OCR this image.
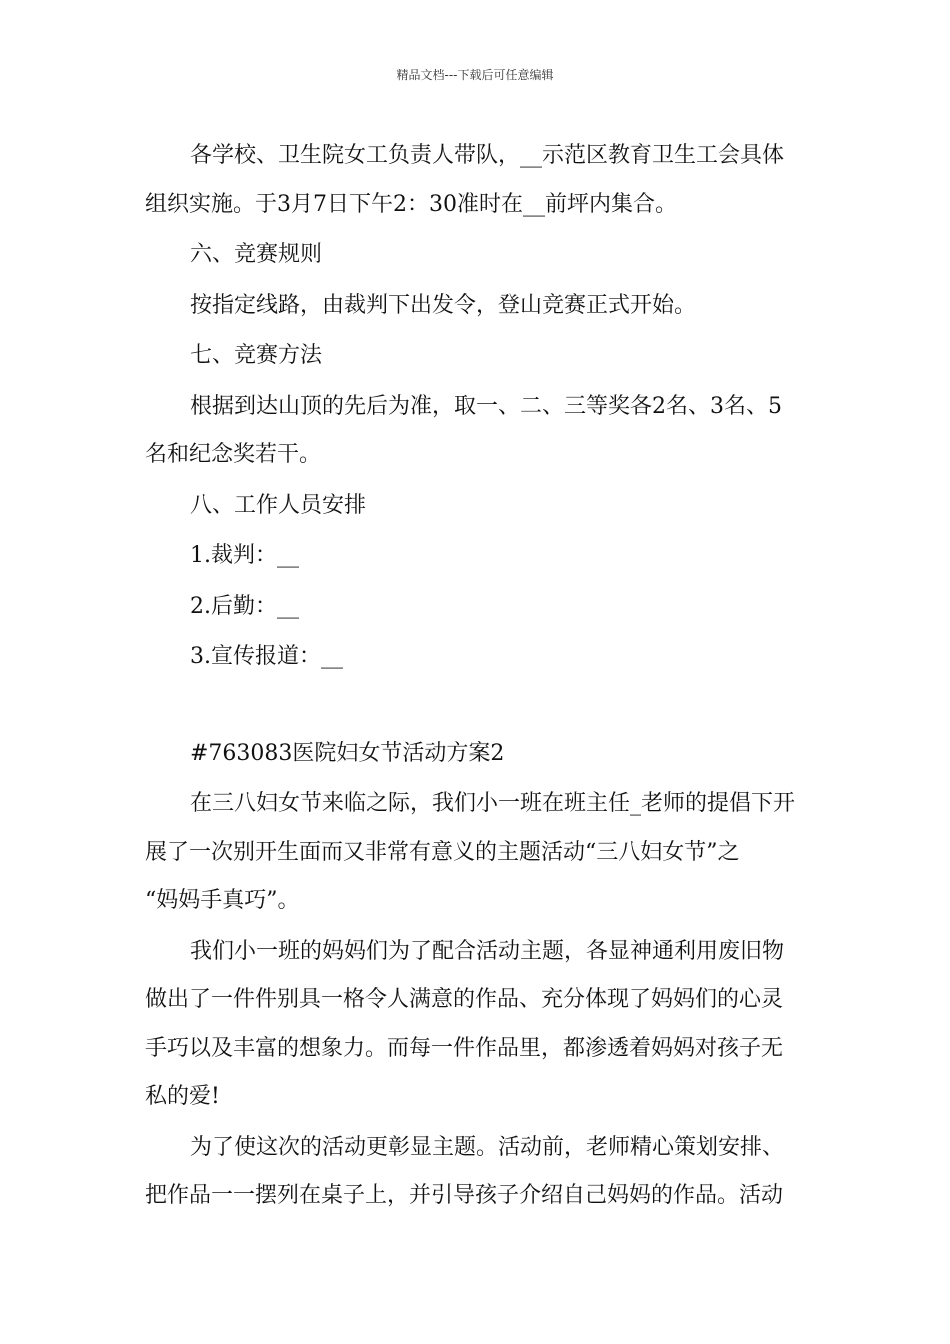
精品文档---下载后可任意编辑

各学校、卫生院女工负责人带队，__示范区教育卫生工会具体

组织实施。于3月7日下午2：30准时在__前坪内集合。

六、竞赛规则

按指定线路，由裁判下出发令，登山竞赛正式开始。

七、竞赛方法

根据到达山顶的先后为准，取一、二、三等奖各2名、3名、5

名和纪念奖若干。

八、工作人员安排

1.裁判：__

2.后勤：__

3.宣传报道：__

#763083医院妇女节活动方案2

在三八妇女节来临之际，我们小一班在班主任_老师的提倡下开

展了一次别开生面而又非常有意义的主题活动“三八妇女节”之

“妈妈手真巧”。

我们小一班的妈妈们为了配合活动主题，各显神通利用废旧物

做出了一件件别具一格令人满意的作品、充分体现了妈妈们的心灵

手巧以及丰富的想象力。而每一件作品里，都渗透着妈妈对孩子无

私的爱!

为了使这次的活动更彰显主题。活动前，老师精心策划安排、

把作品一一摆列在桌子上，并引导孩子介绍自己妈妈的作品。活动
